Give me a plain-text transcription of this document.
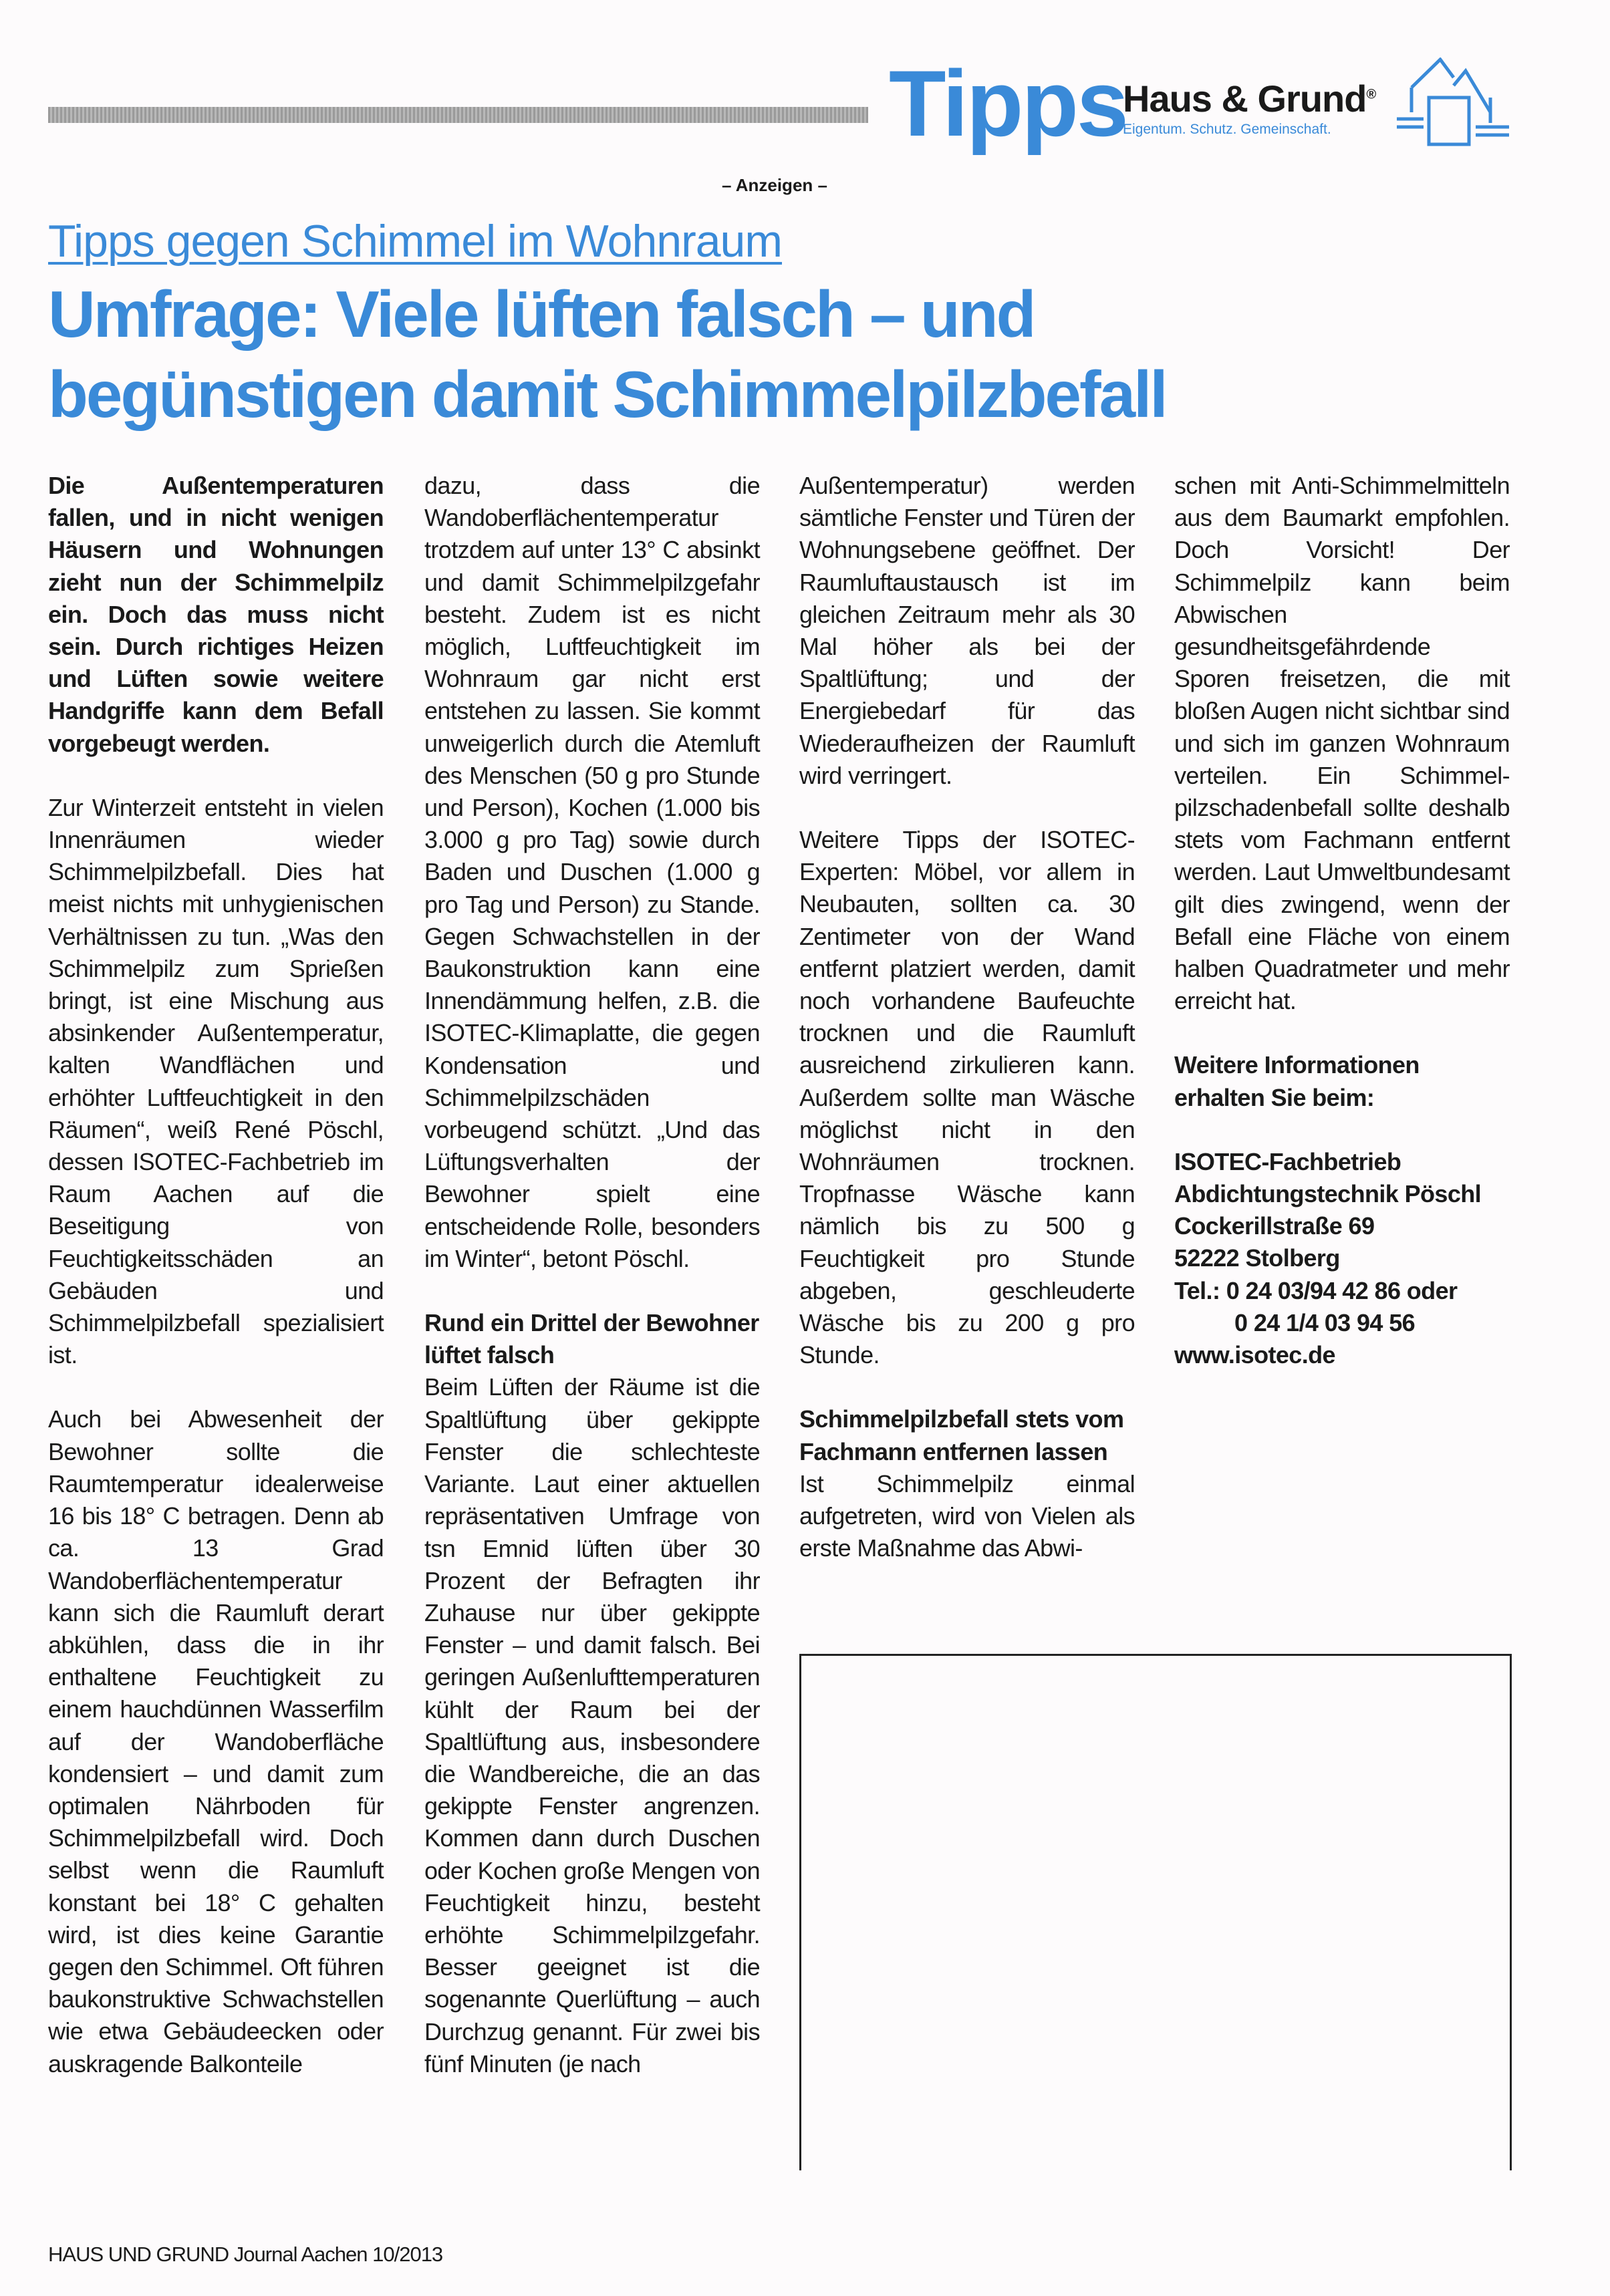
Tipps
Haus & Grund®
Eigentum. Schutz. Gemeinschaft.
– Anzeigen –
Tipps gegen Schimmel im Wohnraum
Umfrage: Viele lüften falsch – und
begünstigen damit Schimmelpilzbefall

Die Außentemperaturen fallen, und in nicht wenigen Häusern und Wohnungen zieht nun der Schimmelpilz ein. Doch das muss nicht sein. Durch richtiges Heizen und Lüften sowie weitere Handgriffe kann dem Befall vorgebeugt werden.

Zur Winterzeit entsteht in vielen Innenräumen wieder Schimmelpilzbefall. Dies hat meist nichts mit unhygienischen Verhältnissen zu tun. „Was den Schimmelpilz zum Sprießen bringt, ist eine Mischung aus absinkender Außentemperatur, kalten Wandflächen und erhöhter Luftfeuchtigkeit in den Räumen“, weiß René Pöschl, dessen ISOTEC-Fachbetrieb im Raum Aachen auf die Beseitigung von Feuchtigkeitsschäden an Gebäuden und Schimmelpilzbefall spezialisiert ist.

Auch bei Abwesenheit der Bewohner sollte die Raumtemperatur idealerweise 16 bis 18° C betragen. Denn ab ca. 13 Grad Wandoberflächentemperatur kann sich die Raumluft derart abkühlen, dass die in ihr enthaltene Feuchtigkeit zu einem hauchdünnen Wasserfilm auf der Wandoberfläche kondensiert – und damit zum optimalen Nährboden für Schimmelpilzbefall wird. Doch selbst wenn die Raumluft konstant bei 18° C gehalten wird, ist dies keine Garantie gegen den Schimmel. Oft führen baukonstruktive Schwachstellen wie etwa Gebäudeecken oder auskragende Balkonteile

dazu, dass die Wandoberflächentemperatur trotzdem auf unter 13° C absinkt und damit Schimmelpilzgefahr besteht. Zudem ist es nicht möglich, Luftfeuchtigkeit im Wohnraum gar nicht erst entstehen zu lassen. Sie kommt unweigerlich durch die Atemluft des Menschen (50 g pro Stunde und Person), Kochen (1.000 bis 3.000 g pro Tag) sowie durch Baden und Duschen (1.000 g pro Tag und Person) zu Stande. Gegen Schwachstellen in der Baukonstruktion kann eine Innendämmung helfen, z.B. die ISOTEC-Klimaplatte, die gegen Kondensation und Schimmelpilzschäden vorbeugend schützt. „Und das Lüftungsverhalten der Bewohner spielt eine entscheidende Rolle, besonders im Winter“, betont Pöschl.

Rund ein Drittel der Bewohner lüftet falsch

Beim Lüften der Räume ist die Spaltlüftung über gekippte Fenster die schlechteste Variante. Laut einer aktuellen repräsentativen Umfrage von tsn Emnid lüften über 30 Prozent der Befragten ihr Zuhause nur über gekippte Fenster – und damit falsch. Bei geringen Außenlufttemperaturen kühlt der Raum bei der Spaltlüftung aus, insbesondere die Wandbereiche, die an das gekippte Fenster angrenzen. Kommen dann durch Duschen oder Kochen große Mengen von Feuchtigkeit hinzu, besteht erhöhte Schimmelpilzgefahr. Besser geeignet ist die sogenannte Querlüftung – auch Durchzug genannt. Für zwei bis fünf Minuten (je nach

Außentemperatur) werden sämtliche Fenster und Türen der Wohnungsebene geöffnet. Der Raumluftaustausch ist im gleichen Zeitraum mehr als 30 Mal höher als bei der Spaltlüftung; und der Energiebedarf für das Wiederaufheizen der Raumluft wird verringert.

Weitere Tipps der ISOTEC-Experten: Möbel, vor allem in Neubauten, sollten ca. 30 Zentimeter von der Wand entfernt platziert werden, damit noch vorhandene Baufeuchte trocknen und die Raumluft ausreichend zirkulieren kann. Außerdem sollte man Wäsche möglichst nicht in den Wohnräumen trocknen. Tropfnasse Wäsche kann nämlich bis zu 500 g Feuchtigkeit pro Stunde abgeben, geschleuderte Wäsche bis zu 200 g pro Stunde.

Schimmelpilzbefall stets vom Fachmann entfernen lassen

Ist Schimmelpilz einmal aufgetreten, wird von Vielen als erste Maßnahme das Abwi-

schen mit Anti-Schimmelmitteln aus dem Baumarkt empfohlen. Doch Vorsicht! Der Schimmelpilz kann beim Abwischen gesundheitsgefährdende Sporen freisetzen, die mit bloßen Augen nicht sichtbar sind und sich im ganzen Wohnraum verteilen. Ein Schimmel-pilzschadenbefall sollte deshalb stets vom Fachmann entfernt werden. Laut Umweltbundesamt gilt dies zwingend, wenn der Befall eine Fläche von einem halben Quadratmeter und mehr erreicht hat.

Weitere Informationen erhalten Sie beim:
ISOTEC-Fachbetrieb
Abdichtungstechnik Pöschl
Cockerillstraße 69
52222 Stolberg
Tel.: 0 24 03/94 42 86 oder
0 24 1/4 03 94 56
www.isotec.de
HAUS UND GRUND Journal Aachen 10/2013
